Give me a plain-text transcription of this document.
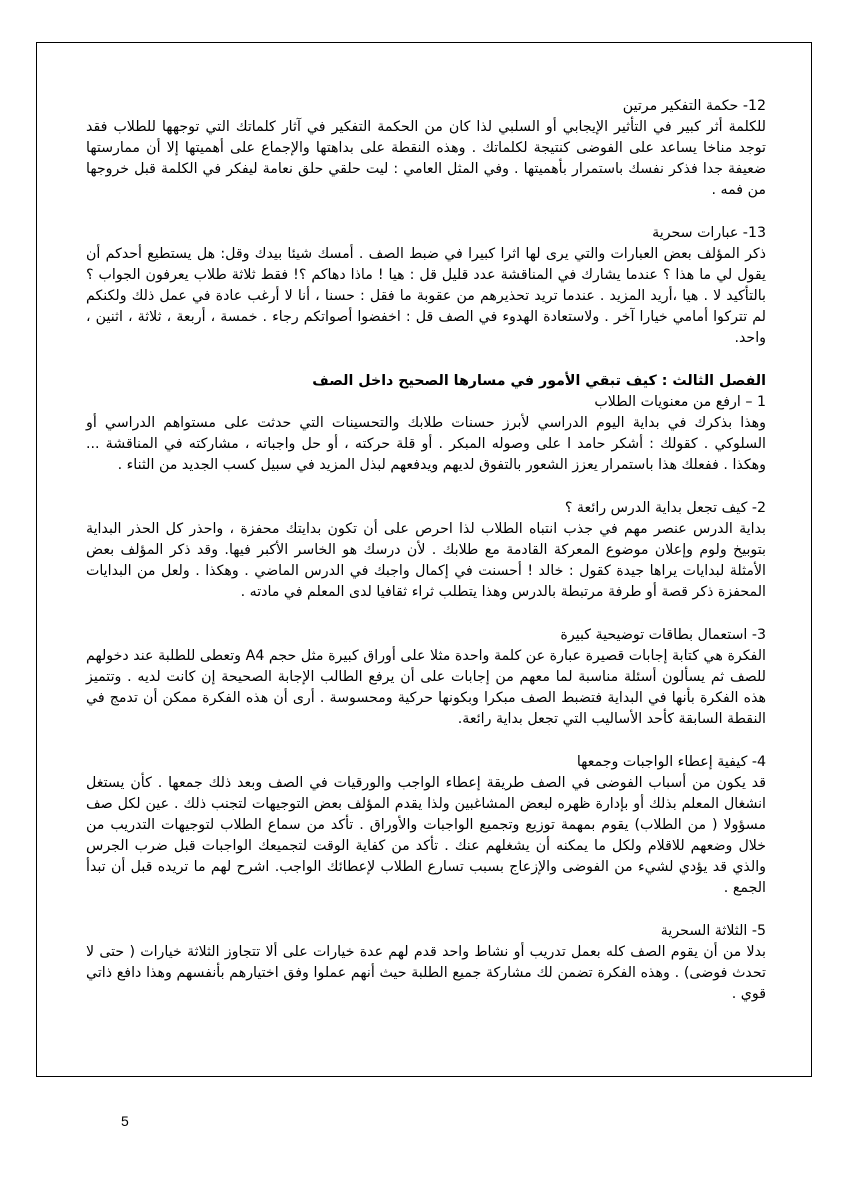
12- حكمة التفكير مرتين

للكلمة أثر كبير في التأثير الإيجابي أو السلبي لذا كان من الحكمة التفكير في آثار كلماتك التي توجهها للطلاب فقد توجد مناخا يساعد على الفوضى كنتيجة لكلماتك . وهذه النقطة على بداهتها والإجماع على أهميتها إلا أن ممارستها ضعيفة جدا فذكر نفسك باستمرار بأهميتها . وفي المثل العامي : ليت حلقي حلق نعامة ليفكر في الكلمة قبل خروجها من فمه .

13- عبارات سحرية

ذكر المؤلف بعض العبارات والتي يرى لها اثرا كبيرا في ضبط الصف . أمسك شيئا بيدك وقل: هل يستطيع أحدكم أن يقول لي ما هذا ؟ عندما يشارك في المناقشة عدد قليل قل : هيا ! ماذا دهاكم ؟! فقط ثلاثة طلاب يعرفون الجواب ؟ بالتأكيد لا . هيا ،أريد المزيد . عندما تريد تحذيرهم من عقوبة ما فقل : حسنا ، أنا لا أرغب عادة في عمل ذلك ولكنكم لم تتركوا أمامي خيارا آخر . ولاستعادة الهدوء في الصف قل : اخفضوا أصواتكم رجاء . خمسة ، أربعة ، ثلاثة ، اثنين ، واحد.

الفصل الثالث : كيف تبقي الأمور في مسارها الصحيح داخل الصف

1 – ارفع من معنويات الطلاب

وهذا بذكرك في بداية اليوم الدراسي لأبرز حسنات طلابك والتحسينات التي حدثت على مستواهم الدراسي أو السلوكي . كقولك : أشكر حامد ا على وصوله المبكر . أو قلة حركته ، أو حل واجباته ، مشاركته في المناقشة ... وهكذا . ففعلك هذا باستمرار يعزز الشعور بالتفوق لديهم ويدفعهم لبذل المزيد في سبيل كسب الجديد من الثناء .

2- كيف تجعل بداية الدرس رائعة ؟

بداية الدرس عنصر مهم في جذب انتباه الطلاب لذا احرص على أن تكون بدايتك محفزة ، واحذر كل الحذر البداية بتوبيخ ولوم وإعلان موضوع المعركة القادمة مع طلابك . لأن درسك هو الخاسر الأكبر فيها. وقد ذكر المؤلف بعض الأمثلة لبدايات يراها جيدة كقول : خالد ! أحسنت في إكمال واجبك في الدرس الماضي . وهكذا . ولعل من البدايات المحفزة ذكر قصة أو طرفة مرتبطة بالدرس وهذا يتطلب ثراء ثقافيا لدى المعلم في مادته .

3- استعمال بطاقات توضيحية كبيرة

الفكرة هي كتابة إجابات قصيرة عبارة عن كلمة واحدة مثلا على أوراق كبيرة مثل حجم A4 وتعطى للطلبة عند دخولهم للصف ثم يسألون أسئلة مناسبة لما معهم من إجابات على أن يرفع الطالب الإجابة الصحيحة إن كانت لديه . وتتميز هذه الفكرة بأنها في البداية فتضبط الصف مبكرا وبكونها حركية ومحسوسة . أرى أن هذه الفكرة ممكن أن تدمج في النقطة السابقة كأحد الأساليب التي تجعل بداية رائعة.

4- كيفية إعطاء الواجبات وجمعها

قد يكون من أسباب الفوضى في الصف طريقة إعطاء الواجب والورقيات في الصف وبعد ذلك جمعها . كأن يستغل انشغال المعلم بذلك أو بإدارة ظهره لبعض المشاغبين ولذا يقدم المؤلف بعض التوجيهات لتجنب ذلك . عين لكل صف مسؤولا ( من الطلاب) يقوم بمهمة توزيع وتجميع الواجبات والأوراق . تأكد من سماع الطلاب لتوجيهات التدريب من خلال وضعهم للاقلام ولكل ما يمكنه أن يشغلهم عنك . تأكد من كفاية الوقت لتجميعك الواجبات قبل ضرب الجرس والذي قد يؤدي لشيء من الفوضى والإزعاج بسبب تسارع الطلاب لإعطائك الواجب. اشرح لهم ما تريده قبل أن تبدأ الجمع .

5- الثلاثة السحرية

بدلا من أن يقوم الصف كله بعمل تدريب أو نشاط واحد قدم لهم عدة خيارات على ألا تتجاوز الثلاثة خيارات ( حتى لا تحدث فوضى) . وهذه الفكرة تضمن لك مشاركة جميع الطلبة حيث أنهم عملوا وفق اختيارهم بأنفسهم وهذا دافع ذاتي قوي .

5
